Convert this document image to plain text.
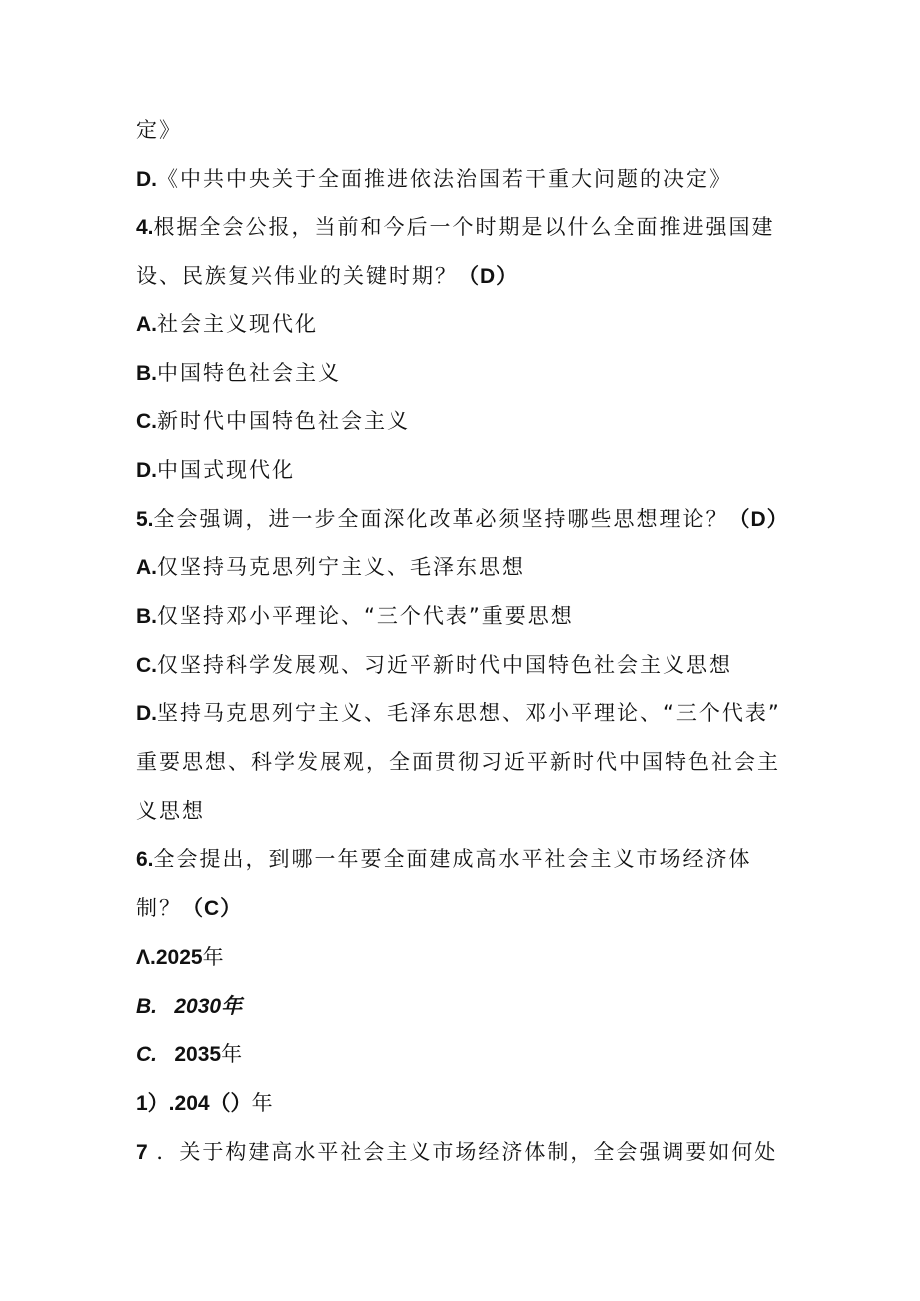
定》
D.《中共中央关于全面推进依法治国若干重大问题的决定》
4.根据全会公报，当前和今后一个时期是以什么全面推进强国建
设、民族复兴伟业的关键时期？（D）
A.社会主义现代化
B.中国特色社会主义
C.新时代中国特色社会主义
D.中国式现代化
5.全会强调，进一步全面深化改革必须坚持哪些思想理论？（D）
A.仅坚持马克思列宁主义、毛泽东思想
B.仅坚持邓小平理论、“三个代表”重要思想
C.仅坚持科学发展观、习近平新时代中国特色社会主义思想
D.坚持马克思列宁主义、毛泽东思想、邓小平理论、“三个代表”
重要思想、科学发展观，全面贯彻习近平新时代中国特色社会主
义思想
6.全会提出，到哪一年要全面建成高水平社会主义市场经济体
制？（C）
Λ.2025年
B. 2030年
C. 2035年
1）.204（）年
7 ．关于构建高水平社会主义市场经济体制，全会强调要如何处
